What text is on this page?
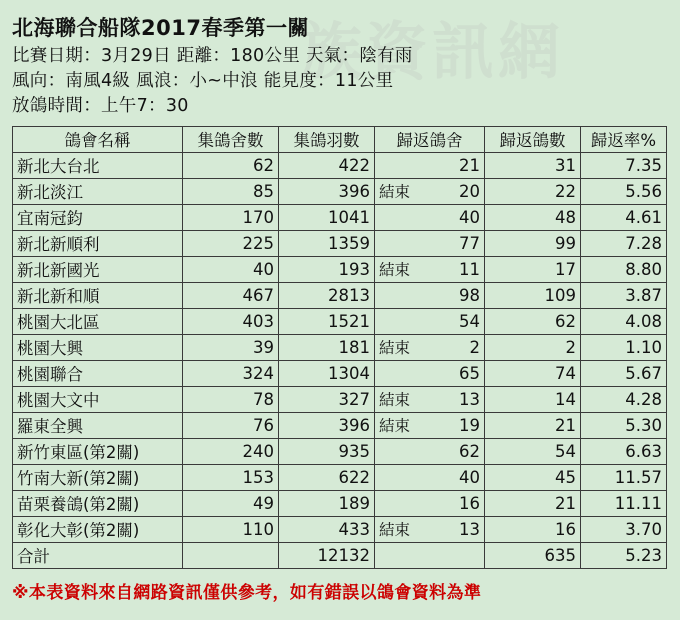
族資訊網
北海聯合船隊2017春季第一關
比賽日期：3月29日 距離：180公里 天氣：陰有雨
風向：南風4級 風浪：小~中浪 能見度：11公里
放鴿時間：上午7：30
鴿會名稱	集鴿舍數	集鴿羽數	歸返鴿舍	歸返鴿數	歸返率%
新北大台北	62	422	21	31	7.35
新北淡江	85	396	結束 20	22	5.56
宜南冠鈞	170	1041	40	48	4.61
新北新順利	225	1359	77	99	7.28
新北新國光	40	193	結束 11	17	8.80
新北新和順	467	2813	98	109	3.87
桃園大北區	403	1521	54	62	4.08
桃園大興	39	181	結束 2	2	1.10
桃園聯合	324	1304	65	74	5.67
桃園大文中	78	327	結束 13	14	4.28
羅東全興	76	396	結束 19	21	5.30
新竹東區(第2關)	240	935	62	54	6.63
竹南大新(第2關)	153	622	40	45	11.57
苗栗養鴿(第2關)	49	189	16	21	11.11
彰化大彰(第2關)	110	433	結束 13	16	3.70
合計		12132		635	5.23
※本表資料來自網路資訊僅供參考，如有錯誤以鴿會資料為準
